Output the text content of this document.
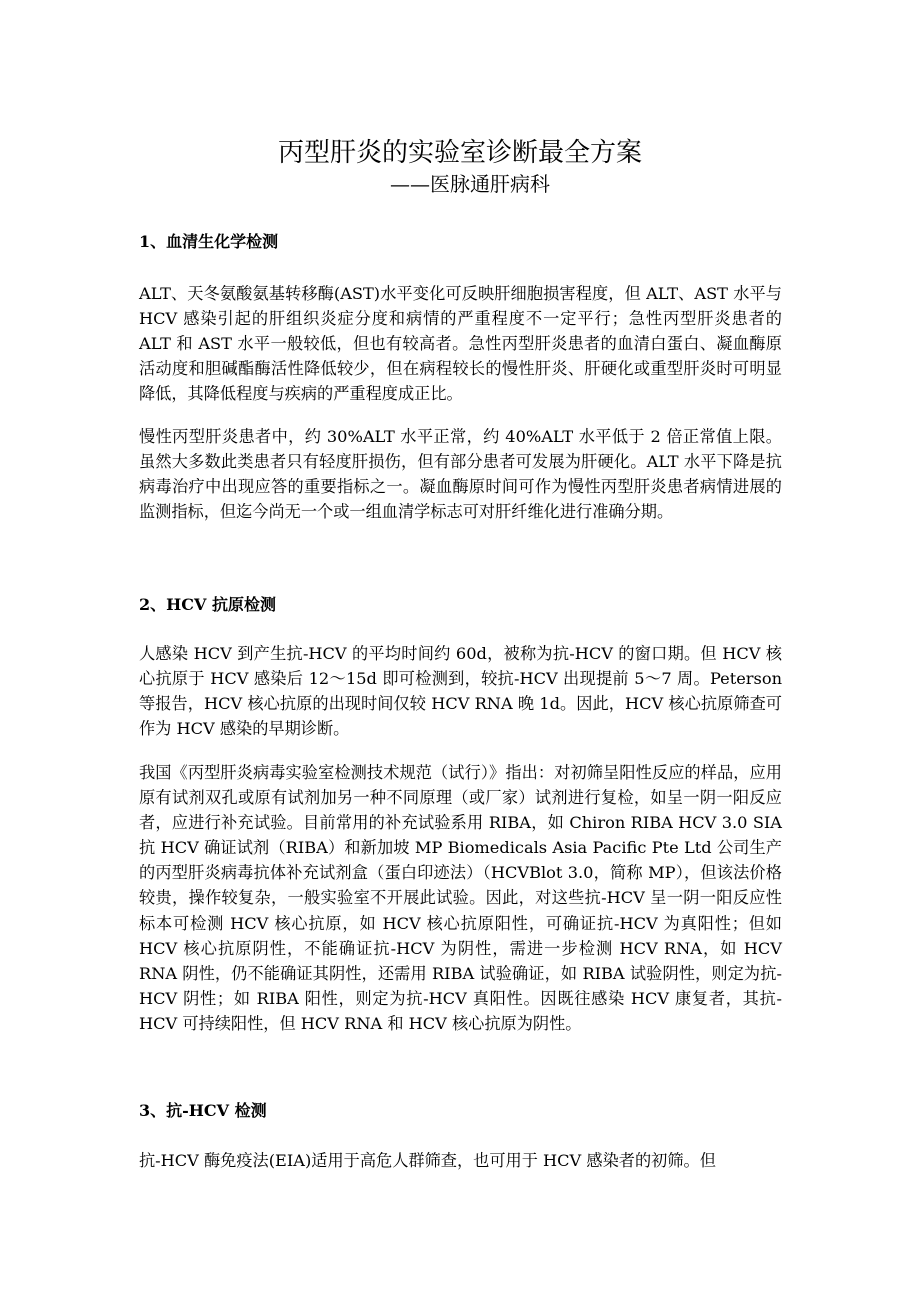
丙型肝炎的实验室诊断最全方案
——医脉通肝病科
1、血清生化学检测

ALT、天冬氨酸氨基转移酶(AST)水平变化可反映肝细胞损害程度，但 ALT、AST 水平与 HCV 感染引起的肝组织炎症分度和病情的严重程度不一定平行；急性丙型肝炎患者的 ALT 和 AST 水平一般较低，但也有较高者。急性丙型肝炎患者的血清白蛋白、凝血酶原活动度和胆碱酯酶活性降低较少，但在病程较长的慢性肝炎、肝硬化或重型肝炎时可明显降低，其降低程度与疾病的严重程度成正比。

慢性丙型肝炎患者中，约 30%ALT 水平正常，约 40%ALT 水平低于 2 倍正常值上限。虽然大多数此类患者只有轻度肝损伤，但有部分患者可发展为肝硬化。ALT 水平下降是抗病毒治疗中出现应答的重要指标之一。凝血酶原时间可作为慢性丙型肝炎患者病情进展的监测指标，但迄今尚无一个或一组血清学标志可对肝纤维化进行准确分期。

2、HCV 抗原检测

人感染 HCV 到产生抗-HCV 的平均时间约 60d，被称为抗-HCV 的窗口期。但 HCV 核心抗原于 HCV 感染后 12～15d 即可检测到，较抗-HCV 出现提前 5～7 周。Peterson 等报告，HCV 核心抗原的出现时间仅较 HCV RNA 晚 1d。因此，HCV 核心抗原筛查可作为 HCV 感染的早期诊断。

我国《丙型肝炎病毒实验室检测技术规范（试行）》指出：对初筛呈阳性反应的样品，应用原有试剂双孔或原有试剂加另一种不同原理（或厂家）试剂进行复检，如呈一阴一阳反应者，应进行补充试验。目前常用的补充试验系用 RIBA，如 Chiron RIBA HCV 3.0 SIA 抗 HCV 确证试剂（RIBA）和新加坡 MP Biomedicals Asia Pacific Pte Ltd 公司生产的丙型肝炎病毒抗体补充试剂盒（蛋白印迹法）（HCVBlot 3.0，简称 MP），但该法价格较贵，操作较复杂，一般实验室不开展此试验。因此，对这些抗-HCV 呈一阴一阳反应性标本可检测 HCV 核心抗原，如 HCV 核心抗原阳性，可确证抗-HCV 为真阳性；但如 HCV 核心抗原阴性，不能确证抗-HCV 为阴性，需进一步检测 HCV RNA，如 HCV RNA 阴性，仍不能确证其阴性，还需用 RIBA 试验确证，如 RIBA 试验阴性，则定为抗-HCV 阴性；如 RIBA 阳性，则定为抗-HCV 真阳性。因既往感染 HCV 康复者，其抗-HCV 可持续阳性，但 HCV RNA 和 HCV 核心抗原为阴性。

3、抗-HCV 检测

抗-HCV 酶免疫法(EIA)适用于高危人群筛查，也可用于 HCV 感染者的初筛。但
